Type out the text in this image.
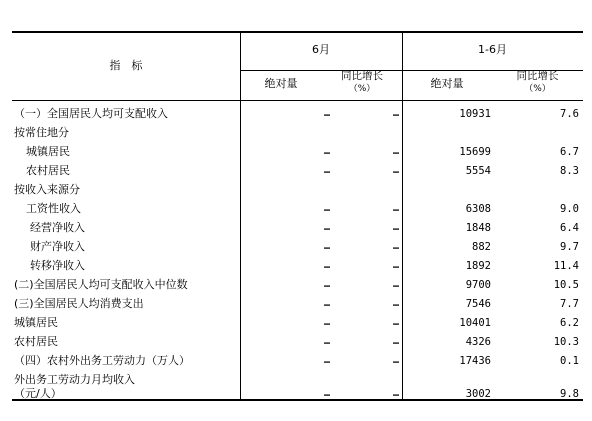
指　标
6月	1-6月
绝对量
同比增长
（%）	绝对量
同比增长
（%）
（一）全国居民人均可支配收入	…	…	10931	7.6
按常住地分
城镇居民	…	…	15699	6.7
农村居民	…	…	5554	8.3
按收入来源分
工资性收入	…	…	6308	9.0
经营净收入	…	…	1848	6.4
财产净收入	…	…	882	9.7
转移净收入	…	…	1892	11.4
(二)全国居民人均可支配收入中位数	…	…	9700	10.5
(三)全国居民人均消费支出	…	…	7546	7.7
城镇居民	…	…	10401	6.2
农村居民	…	…	4326	10.3
（四）农村外出务工劳动力（万人）	…	…	17436	0.1
外出务工劳动力月均收入
（元/人）	…	…	3002	9.8
